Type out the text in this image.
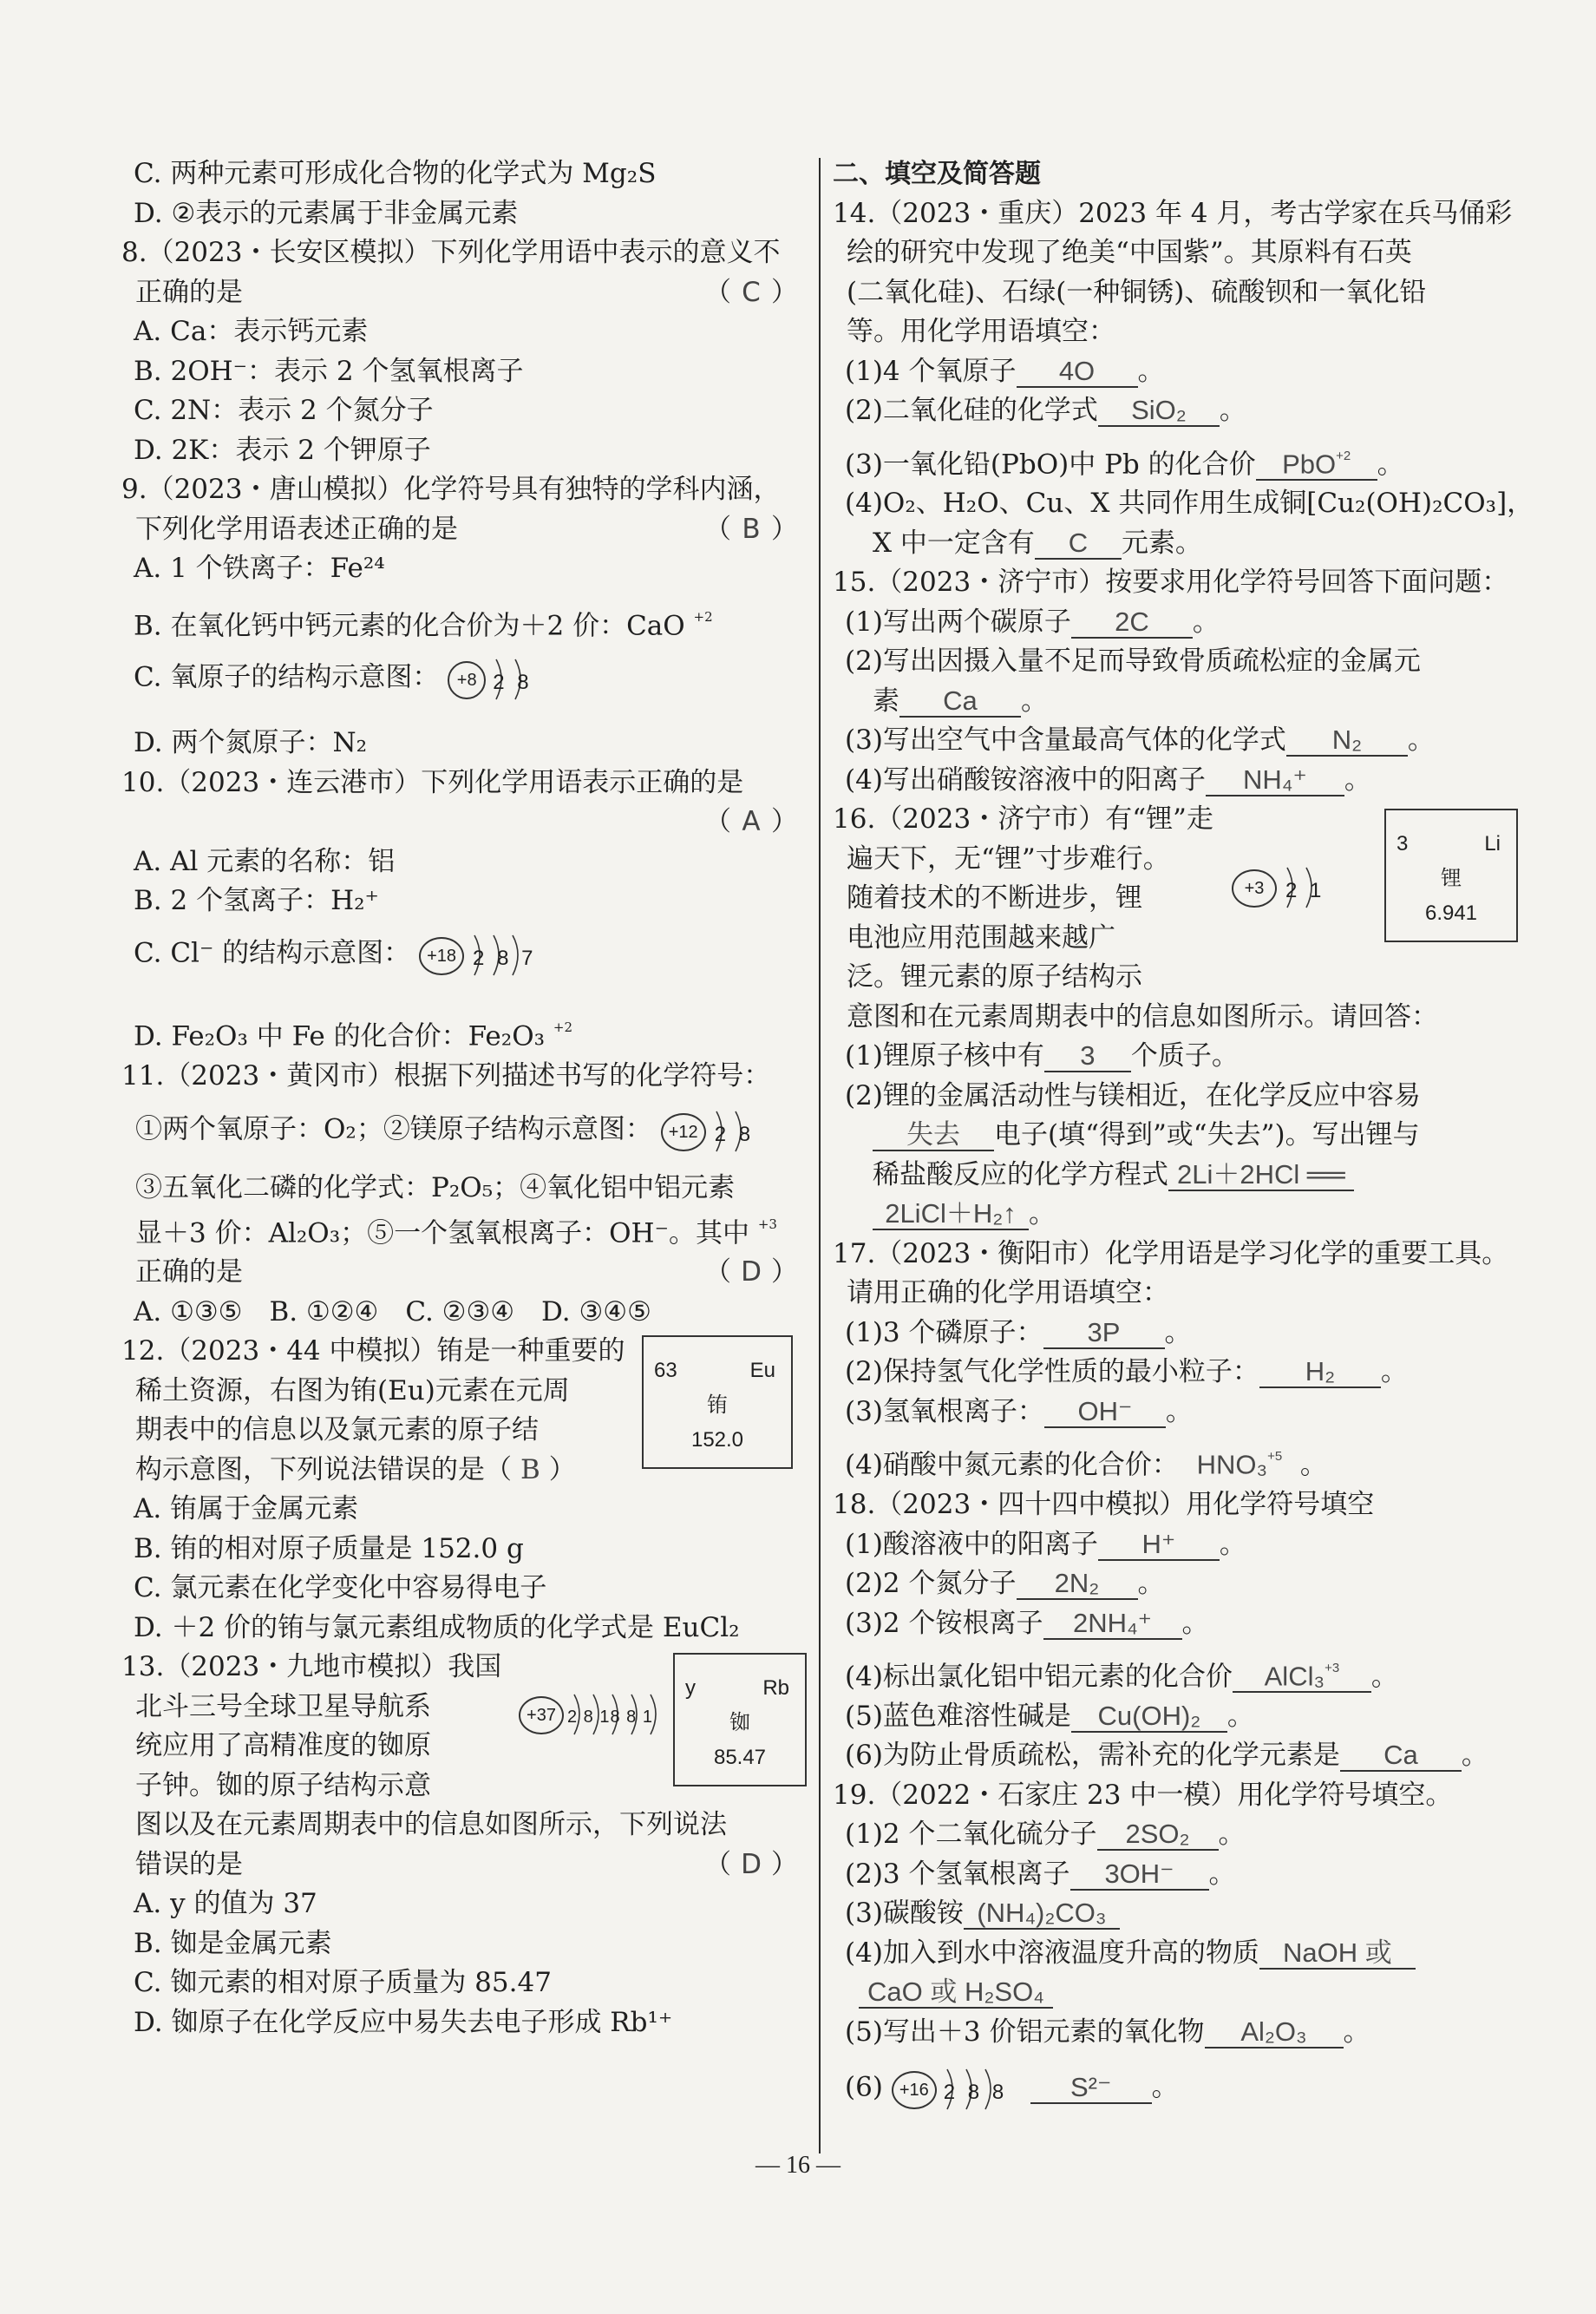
C. 两种元素可形成化合物的化学式为 Mg₂S
D. ②表示的元素属于非金属元素
8.（2023・长安区模拟）下列化学用语中表示的意义不
正确的是	（ C ）
A. Ca：表示钙元素
B. 2OH⁻：表示 2 个氢氧根离子
C. 2N：表示 2 个氮分子
D. 2K：表示 2 个钾原子
9.（2023・唐山模拟）化学符号具有独特的学科内涵，
下列化学用语表述正确的是	（ B ）
A. 1 个铁离子：Fe²⁴
B. 在氧化钙中钙元素的化合价为＋2 价：CaO $^{+2}$
C. 氧原子的结构示意图：	+8 2 8
D. 两个氮原子：N₂
10.（2023・连云港市）下列化学用语表示正确的是
（ A ）
A. Al 元素的名称：铝
B. 2 个氢离子：H₂⁺
C. Cl⁻ 的结构示意图： +18 2 8 7
D. Fe₂O₃ 中 Fe 的化合价：Fe₂O₃ $^{+2}$
11.（2023・黄冈市）根据下列描述书写的化学符号：
①两个氧原子：O₂；②镁原子结构示意图： +12 2 8
③五氧化二磷的化学式：P₂O₅；④氧化铝中铝元素
显＋3 价：Al₂O₃；⑤一个氢氧根离子：OH⁻。其中 $^{+3}$
正确的是	（ D ）
A. ①③⑤　B. ①②④　C. ②③④　D. ③④⑤
12.（2023・44 中模拟）铕是一种重要的
稀土资源，右图为铕(Eu)元素在元周
期表中的信息以及氯元素的原子结
构示意图，下列说法错误的是（ B ）
63	Eu
铕
152.0
A. 铕属于金属元素
B. 铕的相对原子质量是 152.0 g
C. 氯元素在化学变化中容易得电子
D. ＋2 价的铕与氯元素组成物质的化学式是 EuCl₂
13.（2023・九地市模拟）我国
北斗三号全球卫星导航系
统应用了高精准度的铷原
子钟。铷的原子结构示意
图以及在元素周期表中的信息如图所示，下列说法
错误的是	（ D ）
+37 2 8 18 8 1
y	Rb
铷
85.47
A. y 的值为 37
B. 铷是金属元素
C. 铷元素的相对原子质量为 85.47
D. 铷原子在化学反应中易失去电子形成 Rb¹⁺
二、填空及简答题
14.（2023・重庆）2023 年 4 月，考古学家在兵马俑彩
绘的研究中发现了绝美“中国紫”。其原料有石英
(二氧化硅)、石绿(一种铜锈)、硫酸钡和一氧化铅
等。用化学用语填空：
(1)4 个氧原子 4O 。
(2)二氧化硅的化学式 SiO₂ 。
(3)一氧化铅(PbO)中 Pb 的化合价 PbO$^{+2}$ 。
(4)O₂、H₂O、Cu、X 共同作用生成铜[Cu₂(OH)₂CO₃]，
X 中一定含有 C 元素。
15.（2023・济宁市）按要求用化学符号回答下面问题：
(1)写出两个碳原子 2C 。
(2)写出因摄入量不足而导致骨质疏松症的金属元
素 Ca 。
(3)写出空气中含量最高气体的化学式 N₂ 。
(4)写出硝酸铵溶液中的阳离子 NH₄⁺ 。
16.（2023・济宁市）有“锂”走
遍天下，无“锂”寸步难行。
随着技术的不断进步，锂
电池应用范围越来越广
泛。锂元素的原子结构示
意图和在元素周期表中的信息如图所示。请回答：
+3	2 1
3	Li
锂
6.941
(1)锂原子核中有 3 个质子。
(2)锂的金属活动性与镁相近，在化学反应中容易
失去 电子(填“得到”或“失去”)。写出锂与
稀盐酸反应的化学方程式 2Li＋2HCl ══
2LiCl＋H₂↑ 。
17.（2023・衡阳市）化学用语是学习化学的重要工具。
请用正确的化学用语填空：
(1)3 个磷原子： 3P 。
(2)保持氢气化学性质的最小粒子： H₂ 。
(3)氢氧根离子： OH⁻ 。
(4)硝酸中氮元素的化合价： HNO₃$^{+5}$ 。
18.（2023・四十四中模拟）用化学符号填空
(1)酸溶液中的阳离子 H⁺ 。
(2)2 个氮分子 2N₂ 。
(3)2 个铵根离子 2NH₄⁺ 。
(4)标出氯化铝中铝元素的化合价 AlCl₃$^{+3}$ 。
(5)蓝色难溶性碱是 Cu(OH)₂ 。
(6)为防止骨质疏松，需补充的化学元素是 Ca 。
19.（2022・石家庄 23 中一模）用化学符号填空。
(1)2 个二氧化硫分子 2SO₂ 。
(2)3 个氢氧根离子 3OH⁻ 。
(3)碳酸铵 (NH₄)₂CO₃
(4)加入到水中溶液温度升高的物质 NaOH 或
CaO 或 H₂SO₄
(5)写出＋3 价铝元素的氧化物 Al₂O₃ 。
(6) +16 2 8 8 S²⁻ 。
— 16 —
